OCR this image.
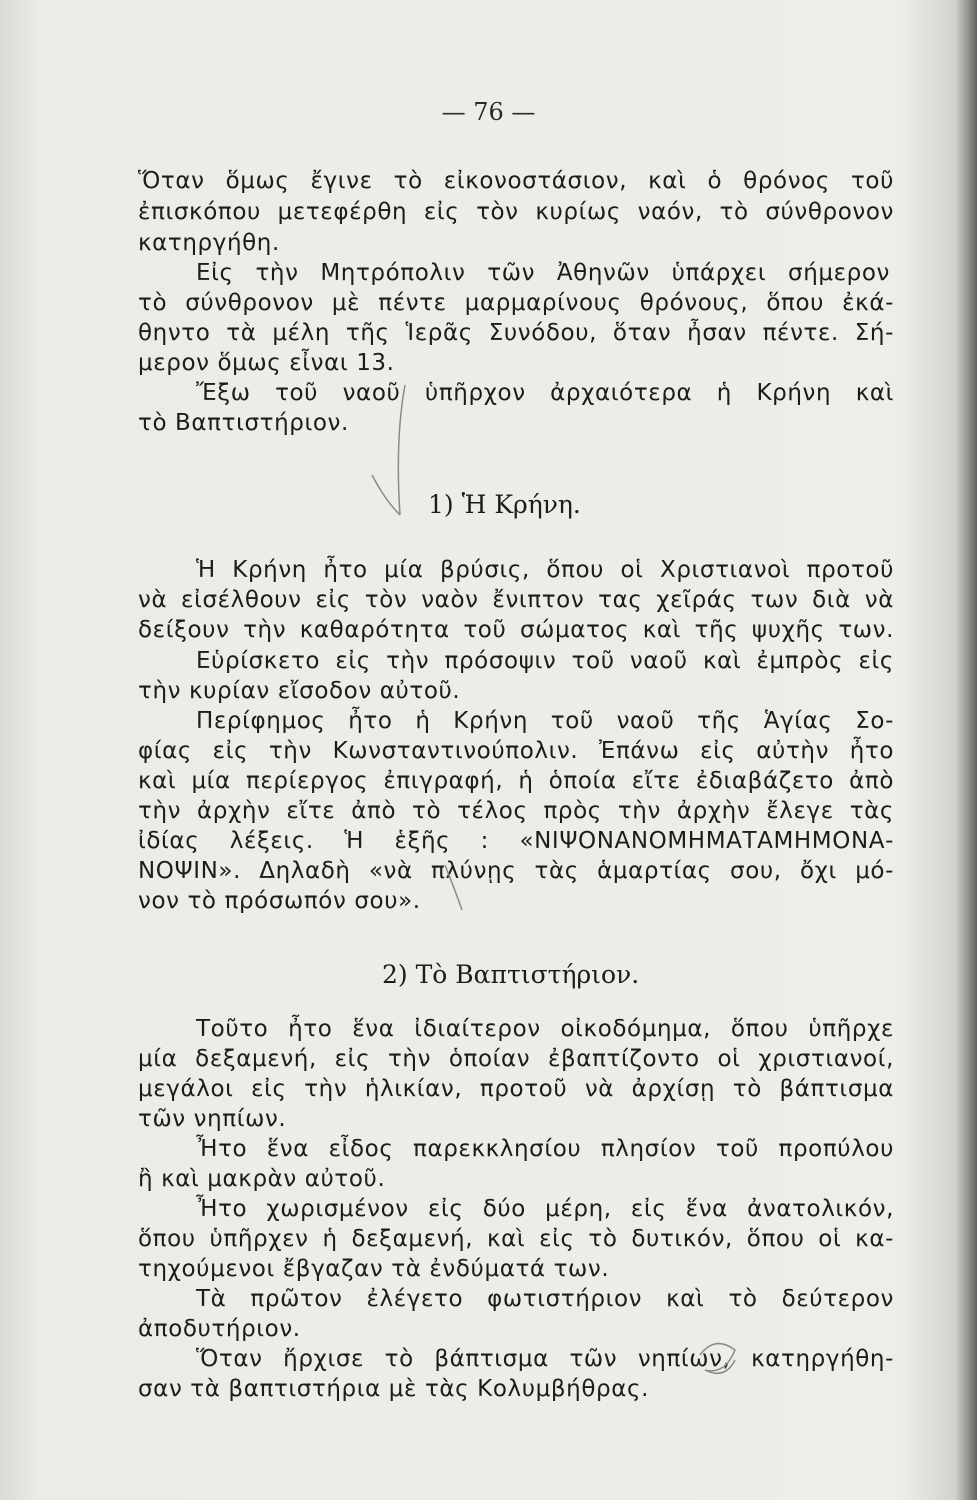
— 76 —
Ὅταν ὅμως ἔγινε τὸ εἰκονοστάσιον, καὶ ὁ θρόνος τοῦ
ἐπισκόπου μετεφέρθη εἰς τὸν κυρίως ναόν, τὸ σύνθρονον
κατηργήθη.
Εἰς τὴν Μητρόπολιν τῶν Ἀθηνῶν ὑπάρχει σήμερον
τὸ σύνθρονον μὲ πέντε μαρμαρίνους θρόνους, ὅπου ἐκά-
θηντο τὰ μέλη τῆς Ἱερᾶς Συνόδου, ὅταν ἦσαν πέντε. Σή-
μερον ὅμως εἶναι 13.
Ἔξω τοῦ ναοῦ ὑπῆρχον ἀρχαιότερα ἡ Κρήνη καὶ
τὸ Βαπτιστήριον.
1) Ἡ Κρήνη.
Ἡ Κρήνη ἦτο μία βρύσις, ὅπου οἱ Χριστιανοὶ προτοῦ
νὰ εἰσέλθουν εἰς τὸν ναὸν ἔνιπτον τας χεῖράς των διὰ νὰ
δείξουν τὴν καθαρότητα τοῦ σώματος καὶ τῆς ψυχῆς των.
Εὑρίσκετο εἰς τὴν πρόσοψιν τοῦ ναοῦ καὶ ἐμπρὸς εἰς
τὴν κυρίαν εἴσοδον αὐτοῦ.
Περίφημος ἦτο ἡ Κρήνη τοῦ ναοῦ τῆς Ἁγίας Σο-
φίας εἰς τὴν Κωνσταντινούπολιν. Ἐπάνω εἰς αὐτὴν ἦτο
καὶ μία περίεργος ἐπιγραφή, ἡ ὁποία εἴτε ἐδιαβάζετο ἀπὸ
τὴν ἀρχὴν εἴτε ἀπὸ τὸ τέλος πρὸς τὴν ἀρχὴν ἔλεγε τὰς
ἰδίας λέξεις. Ἡ ἑξῆς : «ΝΙΨΟΝΑΝΟΜΗΜΑΤΑΜΗΜΟΝΑ-
ΝΟΨΙΝ». Δηλαδὴ «νὰ πλύνῃς τὰς ἁμαρτίας σου, ὄχι μό-
νον τὸ πρόσωπόν σου».
2) Τὸ Βαπτιστήριον.
Τοῦτο ἦτο ἕνα ἰδιαίτερον οἰκοδόμημα, ὅπου ὑπῆρχε
μία δεξαμενή, εἰς τὴν ὁποίαν ἐβαπτίζοντο οἱ χριστιανοί,
μεγάλοι εἰς τὴν ἡλικίαν, προτοῦ νὰ ἀρχίσῃ τὸ βάπτισμα
τῶν νηπίων.
Ἦτο ἕνα εἶδος παρεκκλησίου πλησίον τοῦ προπύλου
ἢ καὶ μακρὰν αὐτοῦ.
Ἦτο χωρισμένον εἰς δύο μέρη, εἰς ἕνα ἀνατολικόν,
ὅπου ὑπῆρχεν ἡ δεξαμενή, καὶ εἰς τὸ δυτικόν, ὅπου οἱ κα-
τηχούμενοι ἔβγαζαν τὰ ἐνδύματά των.
Τὰ πρῶτον ἐλέγετο φωτιστήριον καὶ τὸ δεύτερον
ἀποδυτήριον.
Ὅταν ἤρχισε τὸ βάπτισμα τῶν νηπίων, κατηργήθη-
σαν τὰ βαπτιστήρια μὲ τὰς Κολυμβήθρας.
